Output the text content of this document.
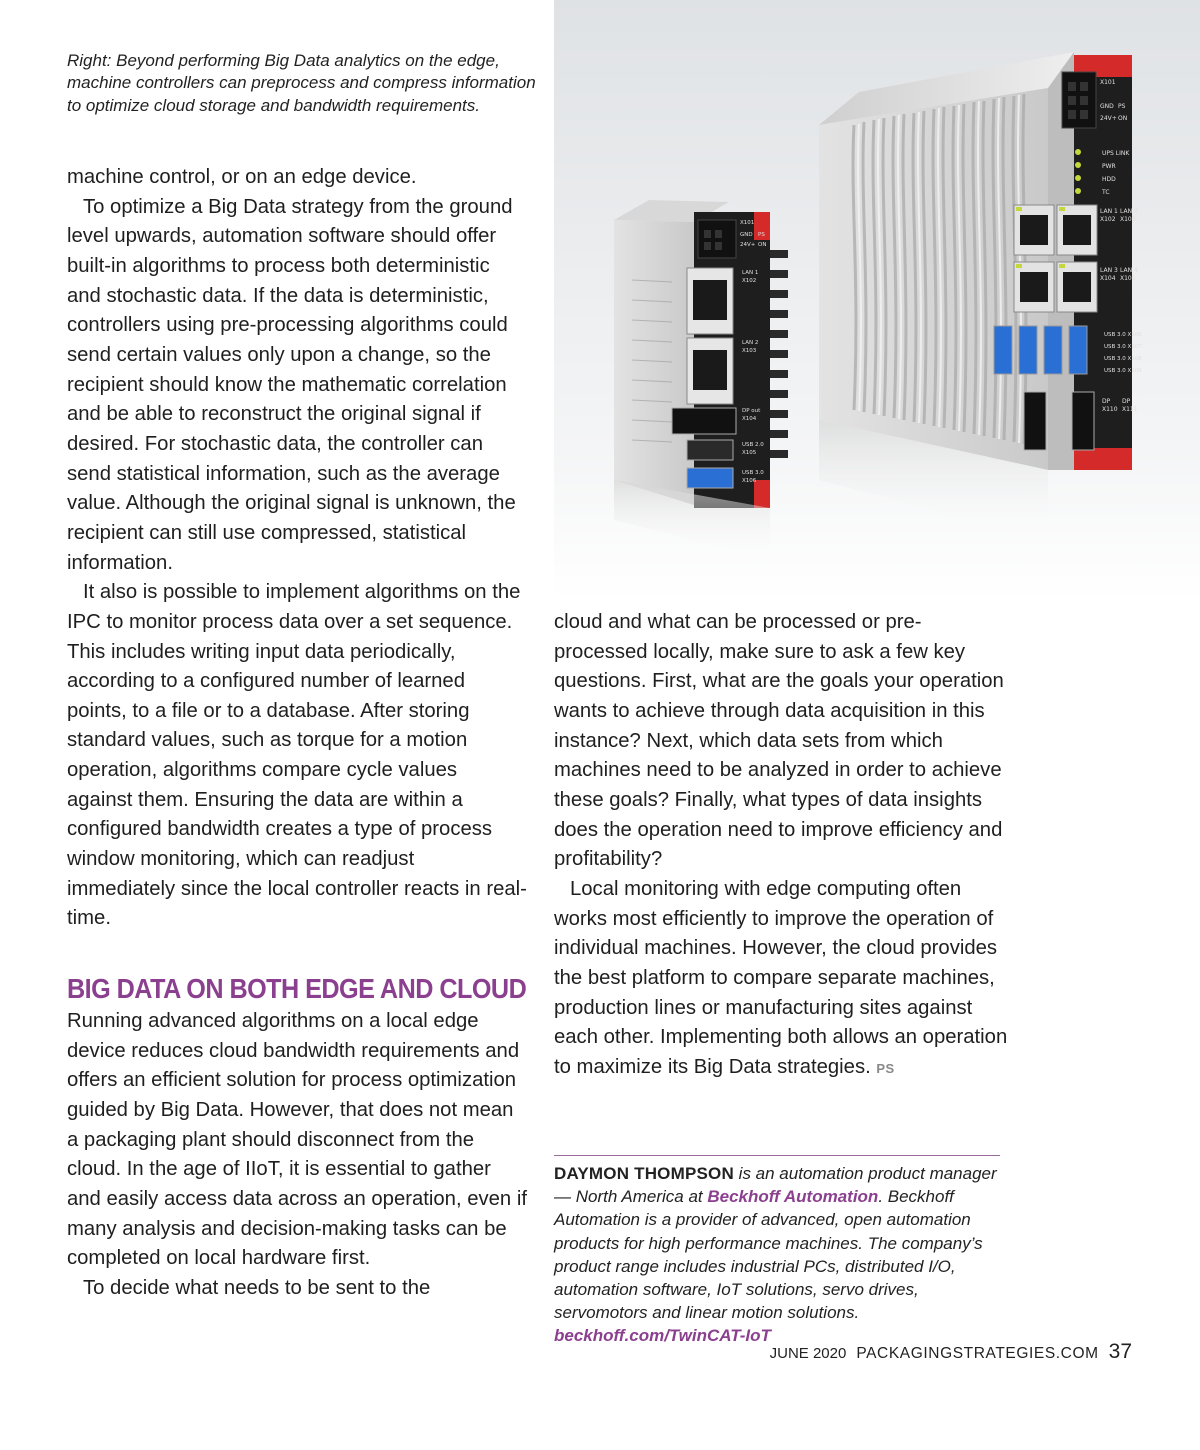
X101
GND PS
24V+ ON
UPS LINK
PWR
HDD
TC
LAN 1 LAN 2
X102 X103
LAN 3 LAN 4
X104 X105
USB 3.0 X106
USB 3.0 X107
USB 3.0 X108
USB 3.0 X109
DP DP
X110 X111
X101
GND PS
24V+ ON
LAN 1
X102
LAN 2
X103
DP out
X104
USB 2.0
X105
USB 3.0
X106
Right: Beyond performing Big Data analytics on the edge, machine controllers can preprocess and compress information to optimize cloud storage and bandwidth requirements.

machine control, or on an edge device.

To optimize a Big Data strategy from the ground level upwards, automation software should offer built-in algorithms to process both deterministic and stochastic data. If the data is deterministic, controllers using pre-processing algorithms could send certain values only upon a change, so the recipient should know the mathematic correlation and be able to reconstruct the original signal if desired. For stochastic data, the controller can send statistical information, such as the average value. Although the original signal is unknown, the recipient can still use compressed, statistical information.

It also is possible to implement algorithms on the IPC to monitor process data over a set sequence. This includes writing input data periodically, according to a configured number of learned points, to a file or to a database. After storing standard values, such as torque for a motion operation, algorithms compare cycle values against them. Ensuring the data are within a configured bandwidth creates a type of process window monitoring, which can readjust immediately since the local controller reacts in real-time.

BIG DATA ON BOTH EDGE AND CLOUD

Running advanced algorithms on a local edge device reduces cloud bandwidth requirements and offers an efficient solution for process optimization guided by Big Data. However, that does not mean a packaging plant should disconnect from the cloud. In the age of IIoT, it is essential to gather and easily access data across an operation, even if many analysis and decision-making tasks can be completed on local hardware first.

To decide what needs to be sent to the

cloud and what can be processed or pre-processed locally, make sure to ask a few key questions. First, what are the goals your operation wants to achieve through data acquisition in this instance? Next, which data sets from which machines need to be analyzed in order to achieve these goals? Finally, what types of data insights does the operation need to improve efficiency and profitability?

Local monitoring with edge computing often works most efficiently to improve the operation of individual machines. However, the cloud provides the best platform to compare separate machines, production lines or manufacturing sites against each other. Implementing both allows an operation to maximize its Big Data strategies. PS

DAYMON THOMPSON is an automation product manager — North America at Beckhoff Automation. Beckhoff Automation is a provider of advanced, open automation products for high performance machines. The company’s product range includes industrial PCs, distributed I/O, automation software, IoT solutions, servo drives, servomotors and linear motion solutions. beckhoff.com/TwinCAT-IoT
JUNE 2020 PACKAGINGSTRATEGIES.COM 37
